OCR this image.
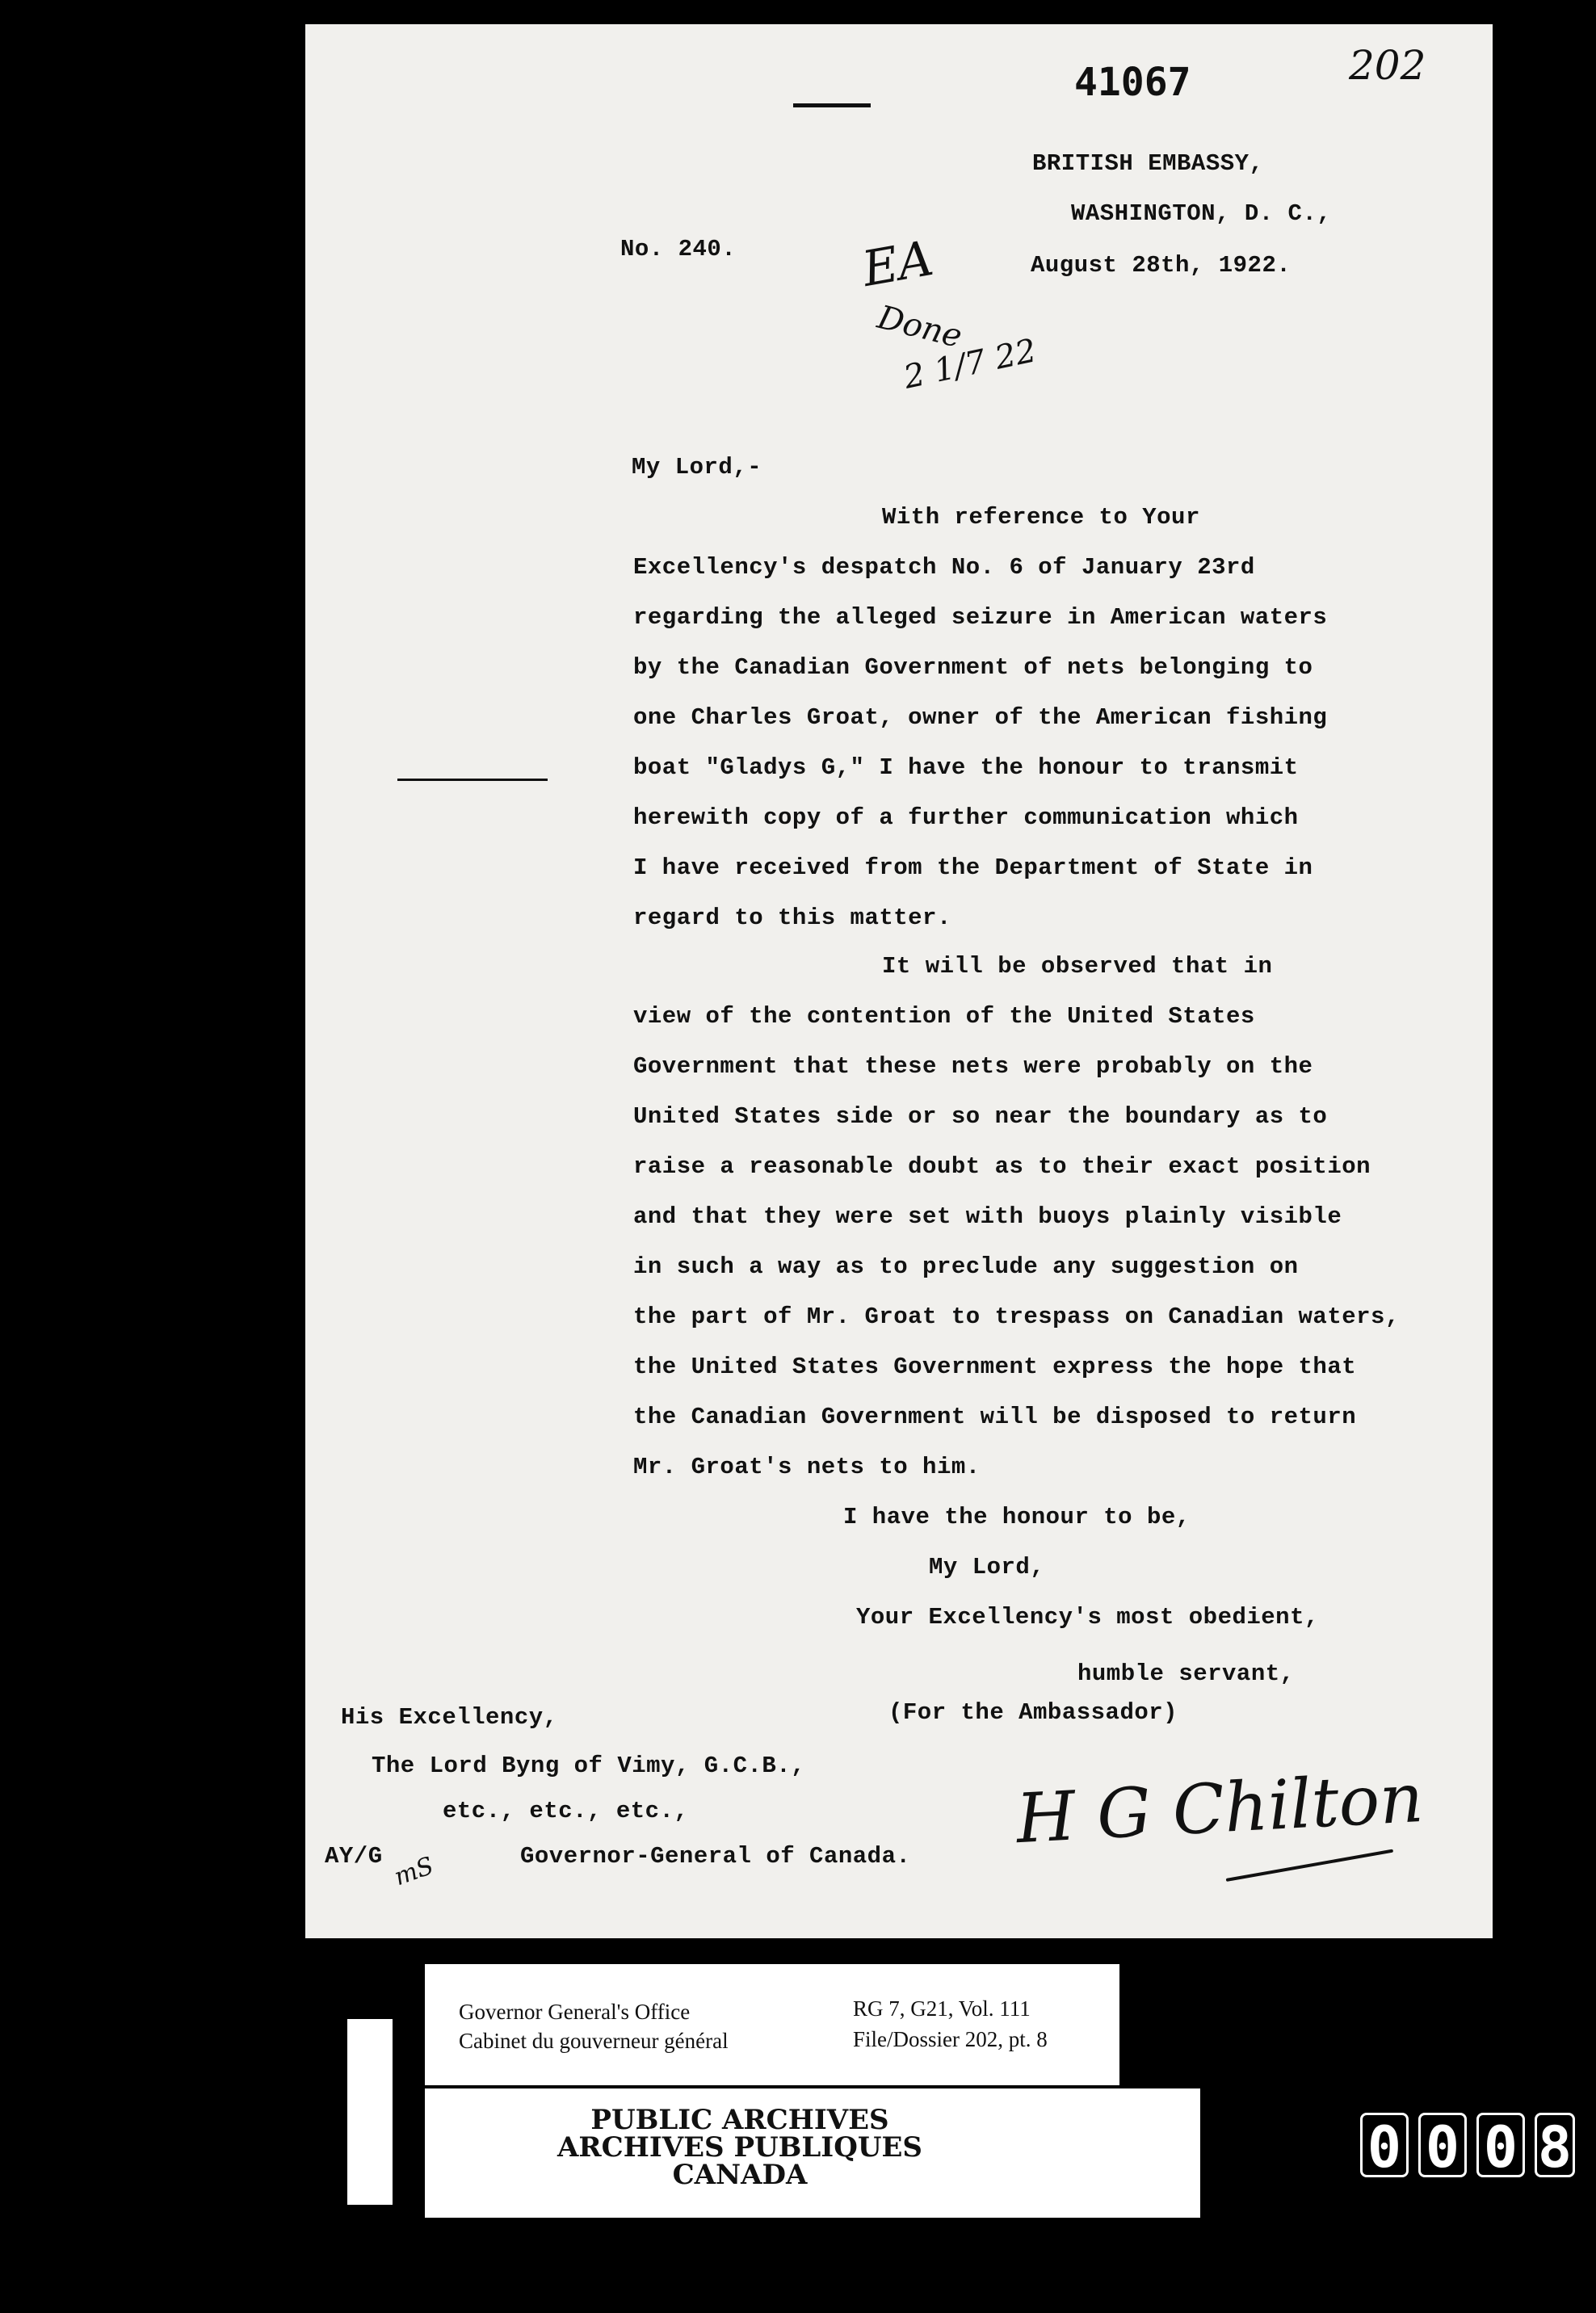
41067	202
BRITISH EMBASSY,
WASHINGTON, D. C.,
August 28th, 1922.
No. 240.	EA
Done
2 1/7 22
My Lord,-
With reference to Your
Excellency's despatch No. 6 of January 23rd
regarding the alleged seizure in American waters
by the Canadian Government of nets belonging to
one Charles Groat, owner of the American fishing
boat "Gladys G," I have the honour to transmit
herewith copy of a further communication which
I have received from the Department of State in
regard to this matter.
It will be observed that in
view of the contention of the United States
Government that these nets were probably on the
United States side or so near the boundary as to
raise a reasonable doubt as to their exact position
and that they were set with buoys plainly visible
in such a way as to preclude any suggestion on
the part of Mr. Groat to trespass on Canadian waters,
the United States Government express the hope that
the Canadian Government will be disposed to return
Mr. Groat's nets to him.
I have the honour to be,
My Lord,
Your Excellency's most obedient,
humble servant,
(For the Ambassador)
H G Chilton
His Excellency,
The Lord Byng of Vimy, G.C.B.,
etc., etc., etc.,
Governor-General of Canada.
AY/G mS
Governor General's Office
Cabinet du gouverneur général
RG 7, G21, Vol. 111
File/Dossier 202, pt. 8
PUBLIC ARCHIVES
ARCHIVES PUBLIQUES
CANADA	0 0 0 8
